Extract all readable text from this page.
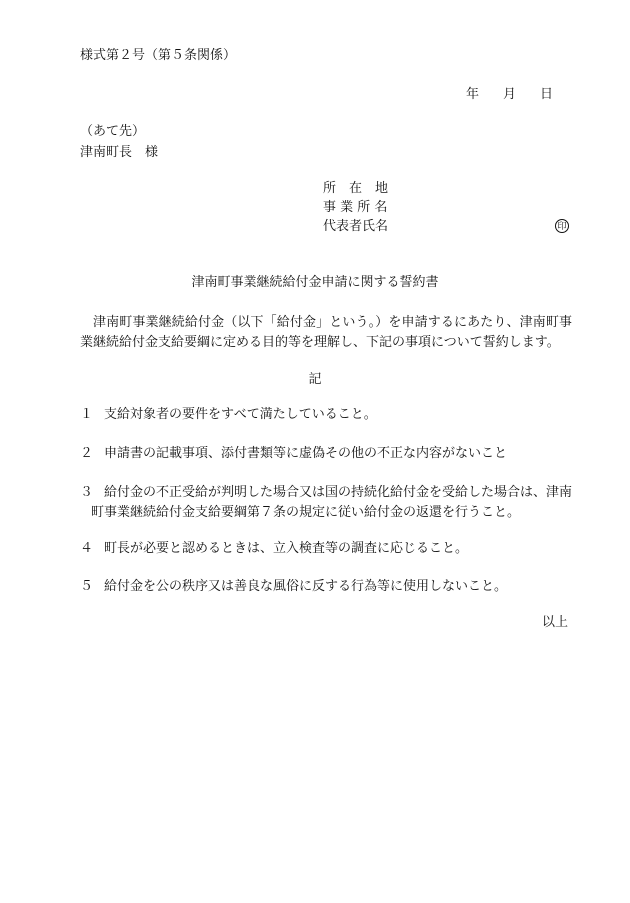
様式第２号（第５条関係）
年 月 日
（あて先）
津南町長　様
所　在　地
事 業 所 名
代表者氏名	印
津南町事業継続給付金申請に関する誓約書
津南町事業継続給付金（以下「給付金」という。）を申請するにあたり、津南町事業継続給付金支給要綱に定める目的等を理解し、下記の事項について誓約します。
記
１ 支給対象者の要件をすべて満たしていること。
２ 申請書の記載事項、添付書類等に虚偽その他の不正な内容がないこと
３ 給付金の不正受給が判明した場合又は国の持続化給付金を受給した場合は、津南町事業継続給付金支給要綱第７条の規定に従い給付金の返還を行うこと。
４ 町長が必要と認めるときは、立入検査等の調査に応じること。
５ 給付金を公の秩序又は善良な風俗に反する行為等に使用しないこと。
以上
